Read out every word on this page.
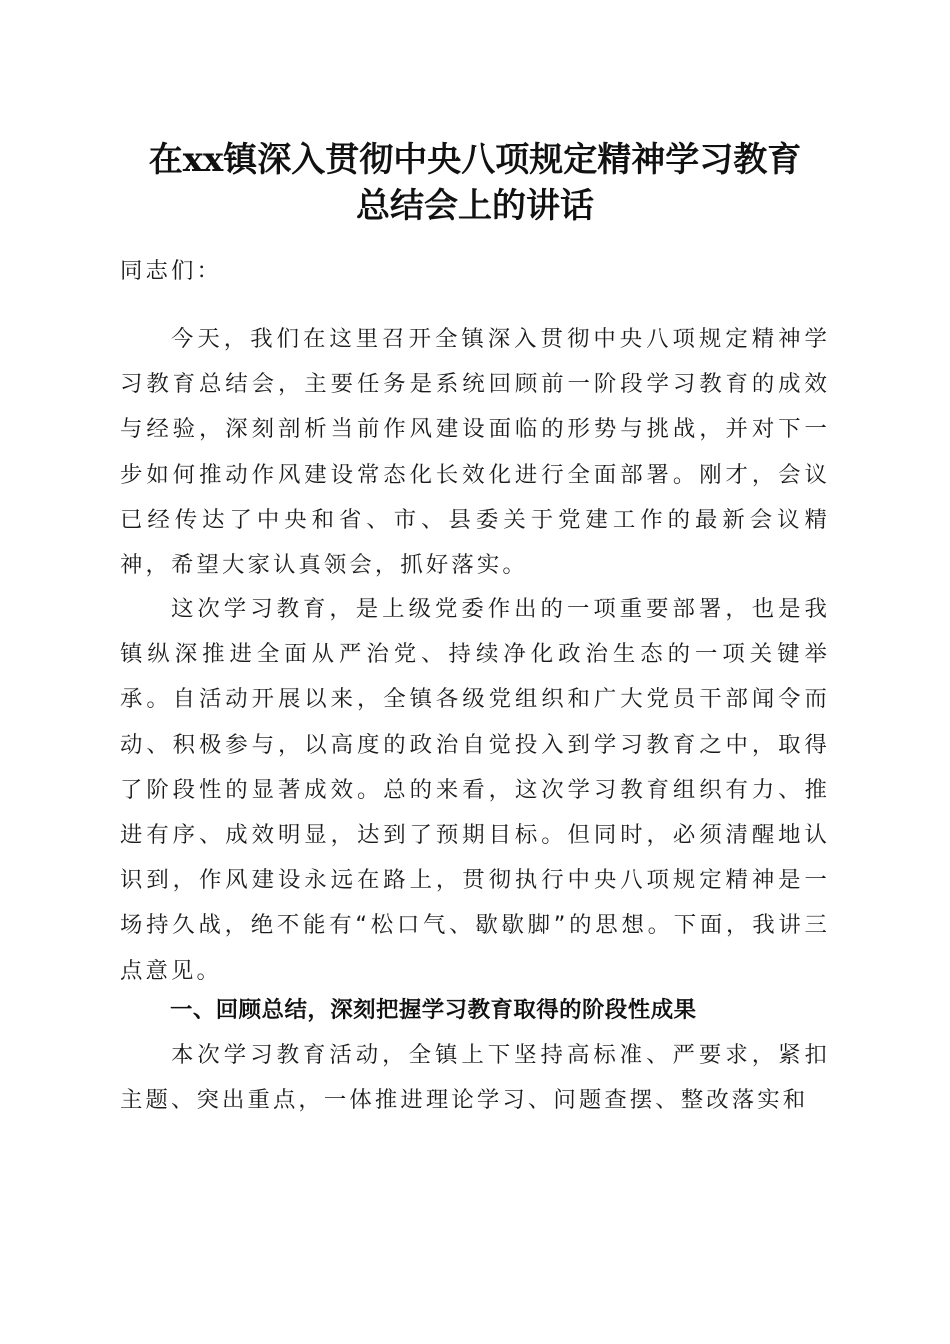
在xx镇深入贯彻中央八项规定精神学习教育
总结会上的讲话

同志们：

今天，我们在这里召开全镇深入贯彻中央八项规定精神学习教育总结会，主要任务是系统回顾前一阶段学习教育的成效与经验，深刻剖析当前作风建设面临的形势与挑战，并对下一步如何推动作风建设常态化长效化进行全面部署。刚才，会议已经传达了中央和省、市、县委关于党建工作的最新会议精神，希望大家认真领会，抓好落实。

这次学习教育，是上级党委作出的一项重要部署，也是我镇纵深推进全面从严治党、持续净化政治生态的一项关键举承。自活动开展以来，全镇各级党组织和广大党员干部闻令而动、积极参与，以高度的政治自觉投入到学习教育之中，取得了阶段性的显著成效。总的来看，这次学习教育组织有力、推进有序、成效明显，达到了预期目标。但同时，必须清醒地认识到，作风建设永远在路上，贯彻执行中央八项规定精神是一场持久战，绝不能有“松口气、歇歇脚”的思想。下面，我讲三点意见。

一、回顾总结，深刻把握学习教育取得的阶段性成果

本次学习教育活动，全镇上下坚持高标准、严要求，紧扣主题、突出重点，一体推进理论学习、问题查摆、整改落实和
